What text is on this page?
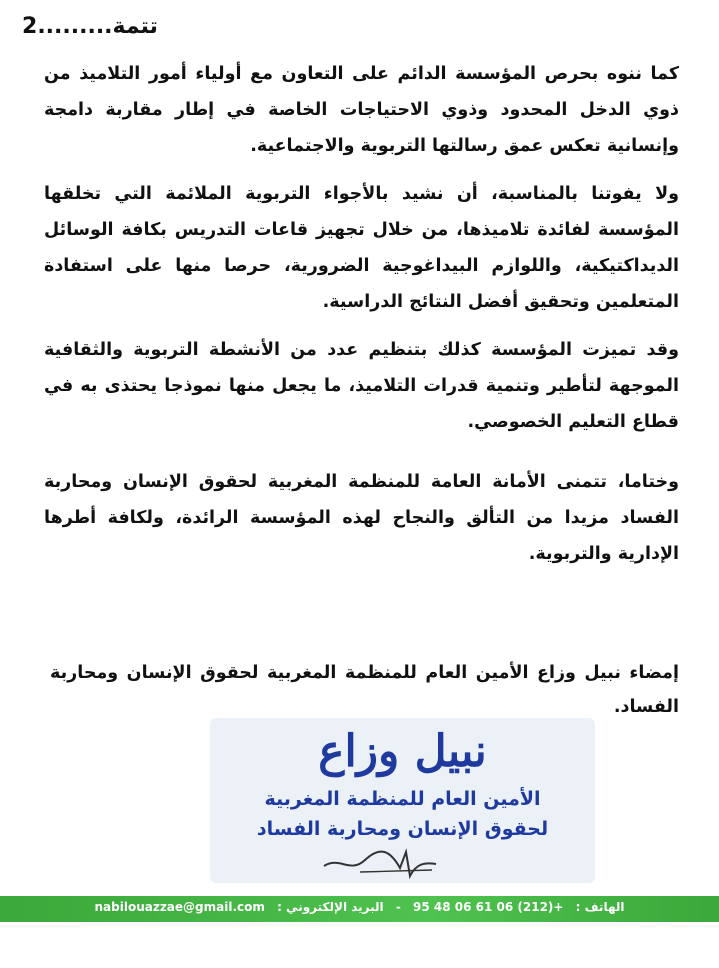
تتمة.........2

كما ننوه بحرص المؤسسة الدائم على التعاون مع أولياء أمور التلاميذ من ذوي الدخل المحدود وذوي الاحتياجات الخاصة في إطار مقاربة دامجة وإنسانية تعكس عمق رسالتها التربوية والاجتماعية.

ولا يفوتنا بالمناسبة، أن نشيد بالأجواء التربوية الملائمة التي تخلقها المؤسسة لفائدة تلاميذها، من خلال تجهيز قاعات التدريس بكافة الوسائل الديداكتيكية، واللوازم البيداغوجية الضرورية، حرصا منها على استفادة المتعلمين وتحقيق أفضل النتائج الدراسية.

وقد تميزت المؤسسة كذلك بتنظيم عدد من الأنشطة التربوية والثقافية الموجهة لتأطير وتنمية قدرات التلاميذ، ما يجعل منها نموذجا يحتذى به في قطاع التعليم الخصوصي.

وختاما، تتمنى الأمانة العامة للمنظمة المغربية لحقوق الإنسان ومحاربة الفساد مزيدا من التألق والنجاح لهذه المؤسسة الرائدة، ولكافة أطرها الإدارية والتربوية.

إمضاء نبيل وزاع الأمين العام للمنظمة المغربية لحقوق الإنسان ومحاربة الفساد.
نبيل وزاع
الأمين العام للمنظمة المغربية
لحقوق الإنسان ومحاربة الفساد
الهاتف : 95 48 06 61 06 (212)+ - البريد الإلكتروني : nabilouazzae@gmail.com
